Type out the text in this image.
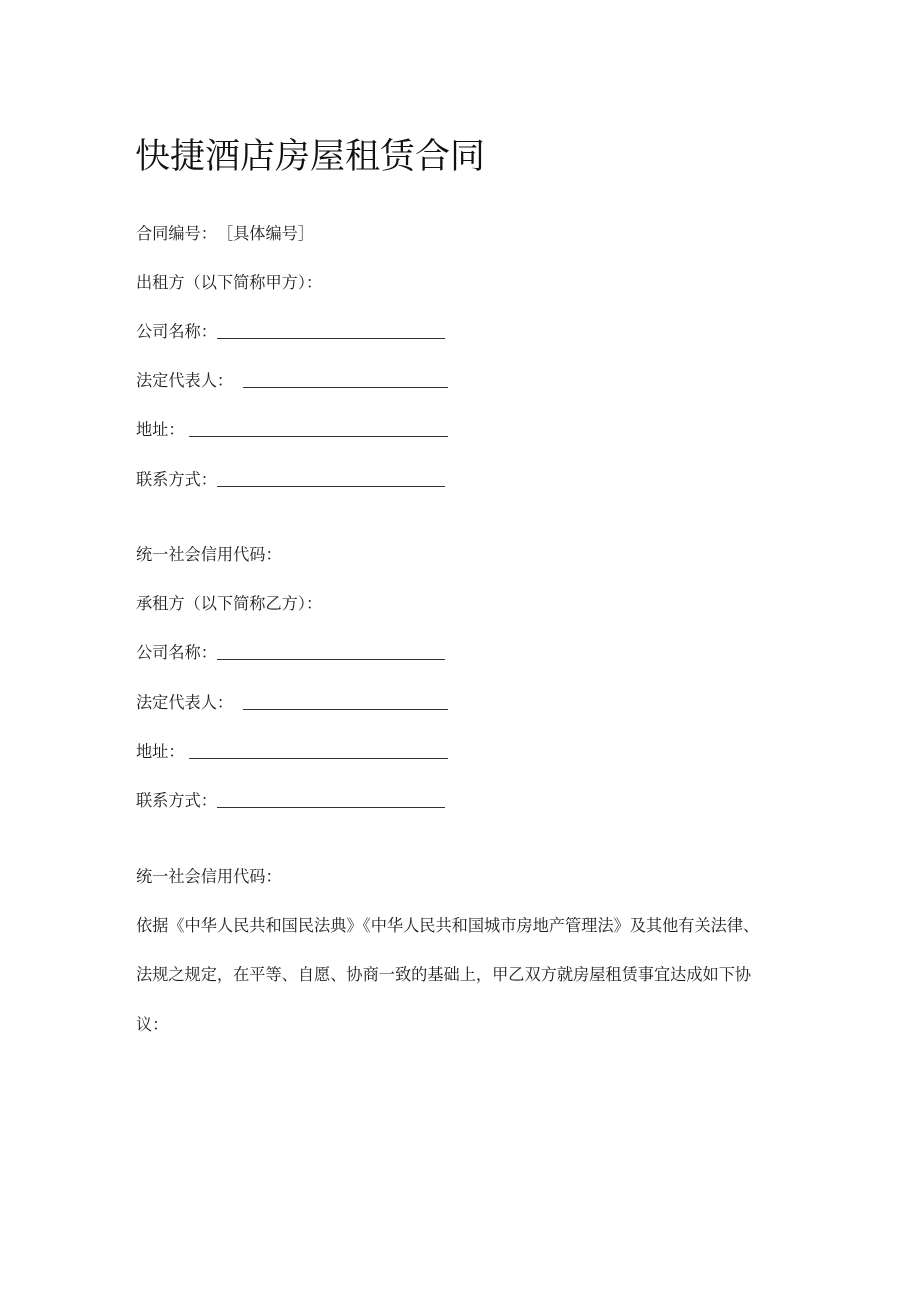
快捷酒店房屋租赁合同
合同编号： ［具体编号］
出租方（以下简称甲方）：
公司名称：
法定代表人：
地址：
联系方式：
统一社会信用代码：
承租方（以下简称乙方）：
公司名称：
法定代表人：
地址：
联系方式：
统一社会信用代码：
依据《中华人民共和国民法典》《中华人民共和国城市房地产管理法》及其他有关法律、
法规之规定，在平等、自愿、协商一致的基础上，甲乙双方就房屋租赁事宜达成如下协
议：
